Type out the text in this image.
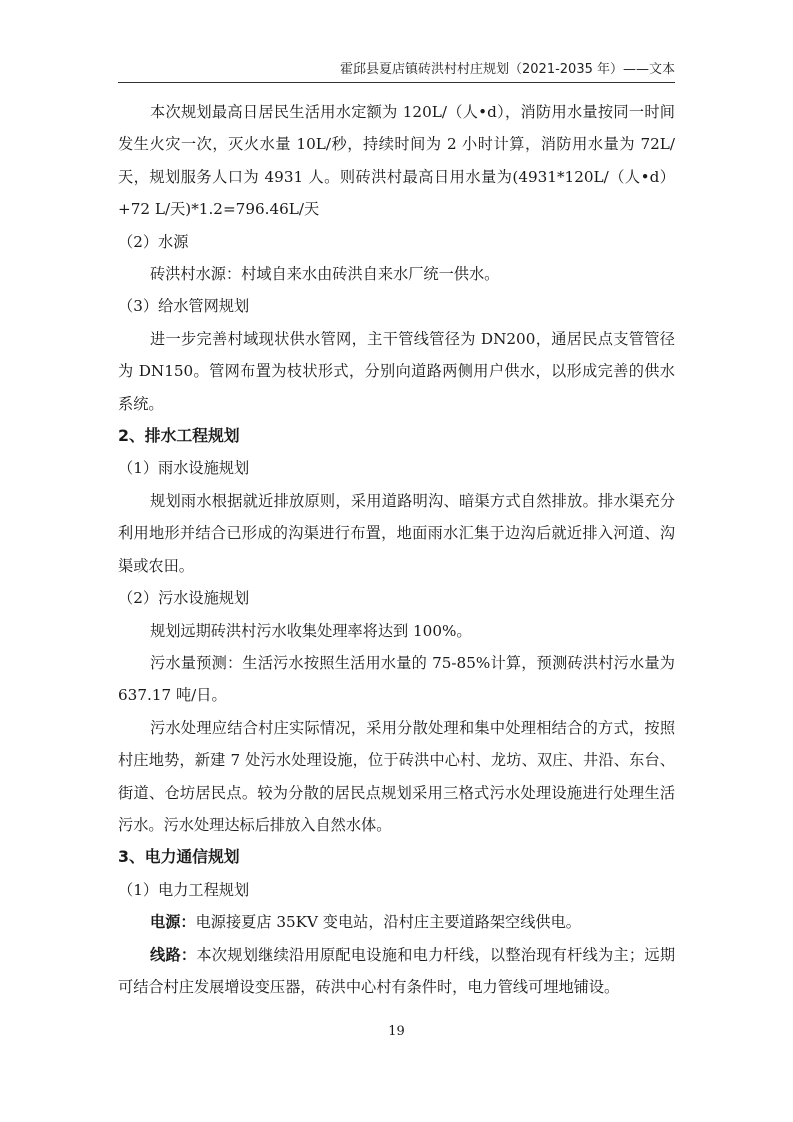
霍邱县夏店镇砖洪村村庄规划（2021-2035 年）——文本

本次规划最高日居民生活用水定额为 120L/（人•d），消防用水量按同一时间发生火灾一次，灭火水量 10L/秒，持续时间为 2 小时计算，消防用水量为 72L/天，规划服务人口为 4931 人。则砖洪村最高日用水量为(4931*120L/（人•d）+72 L/天)*1.2=796.46L/天

（2）水源

砖洪村水源：村域自来水由砖洪自来水厂统一供水。

（3）给水管网规划

进一步完善村域现状供水管网，主干管线管径为 DN200，通居民点支管管径为 DN150。管网布置为枝状形式，分别向道路两侧用户供水，以形成完善的供水系统。

2、排水工程规划

（1）雨水设施规划

规划雨水根据就近排放原则，采用道路明沟、暗渠方式自然排放。排水渠充分利用地形并结合已形成的沟渠进行布置，地面雨水汇集于边沟后就近排入河道、沟渠或农田。

（2）污水设施规划

规划远期砖洪村污水收集处理率将达到 100%。

污水量预测：生活污水按照生活用水量的 75-85%计算，预测砖洪村污水量为 637.17 吨/日。

污水处理应结合村庄实际情况，采用分散处理和集中处理相结合的方式，按照村庄地势，新建 7 处污水处理设施，位于砖洪中心村、龙坊、双庄、井沿、东台、街道、仓坊居民点。较为分散的居民点规划采用三格式污水处理设施进行处理生活污水。污水处理达标后排放入自然水体。

3、电力通信规划

（1）电力工程规划

电源：电源接夏店 35KV 变电站，沿村庄主要道路架空线供电。

线路：本次规划继续沿用原配电设施和电力杆线，以整治现有杆线为主；远期可结合村庄发展增设变压器，砖洪中心村有条件时，电力管线可埋地铺设。

19
